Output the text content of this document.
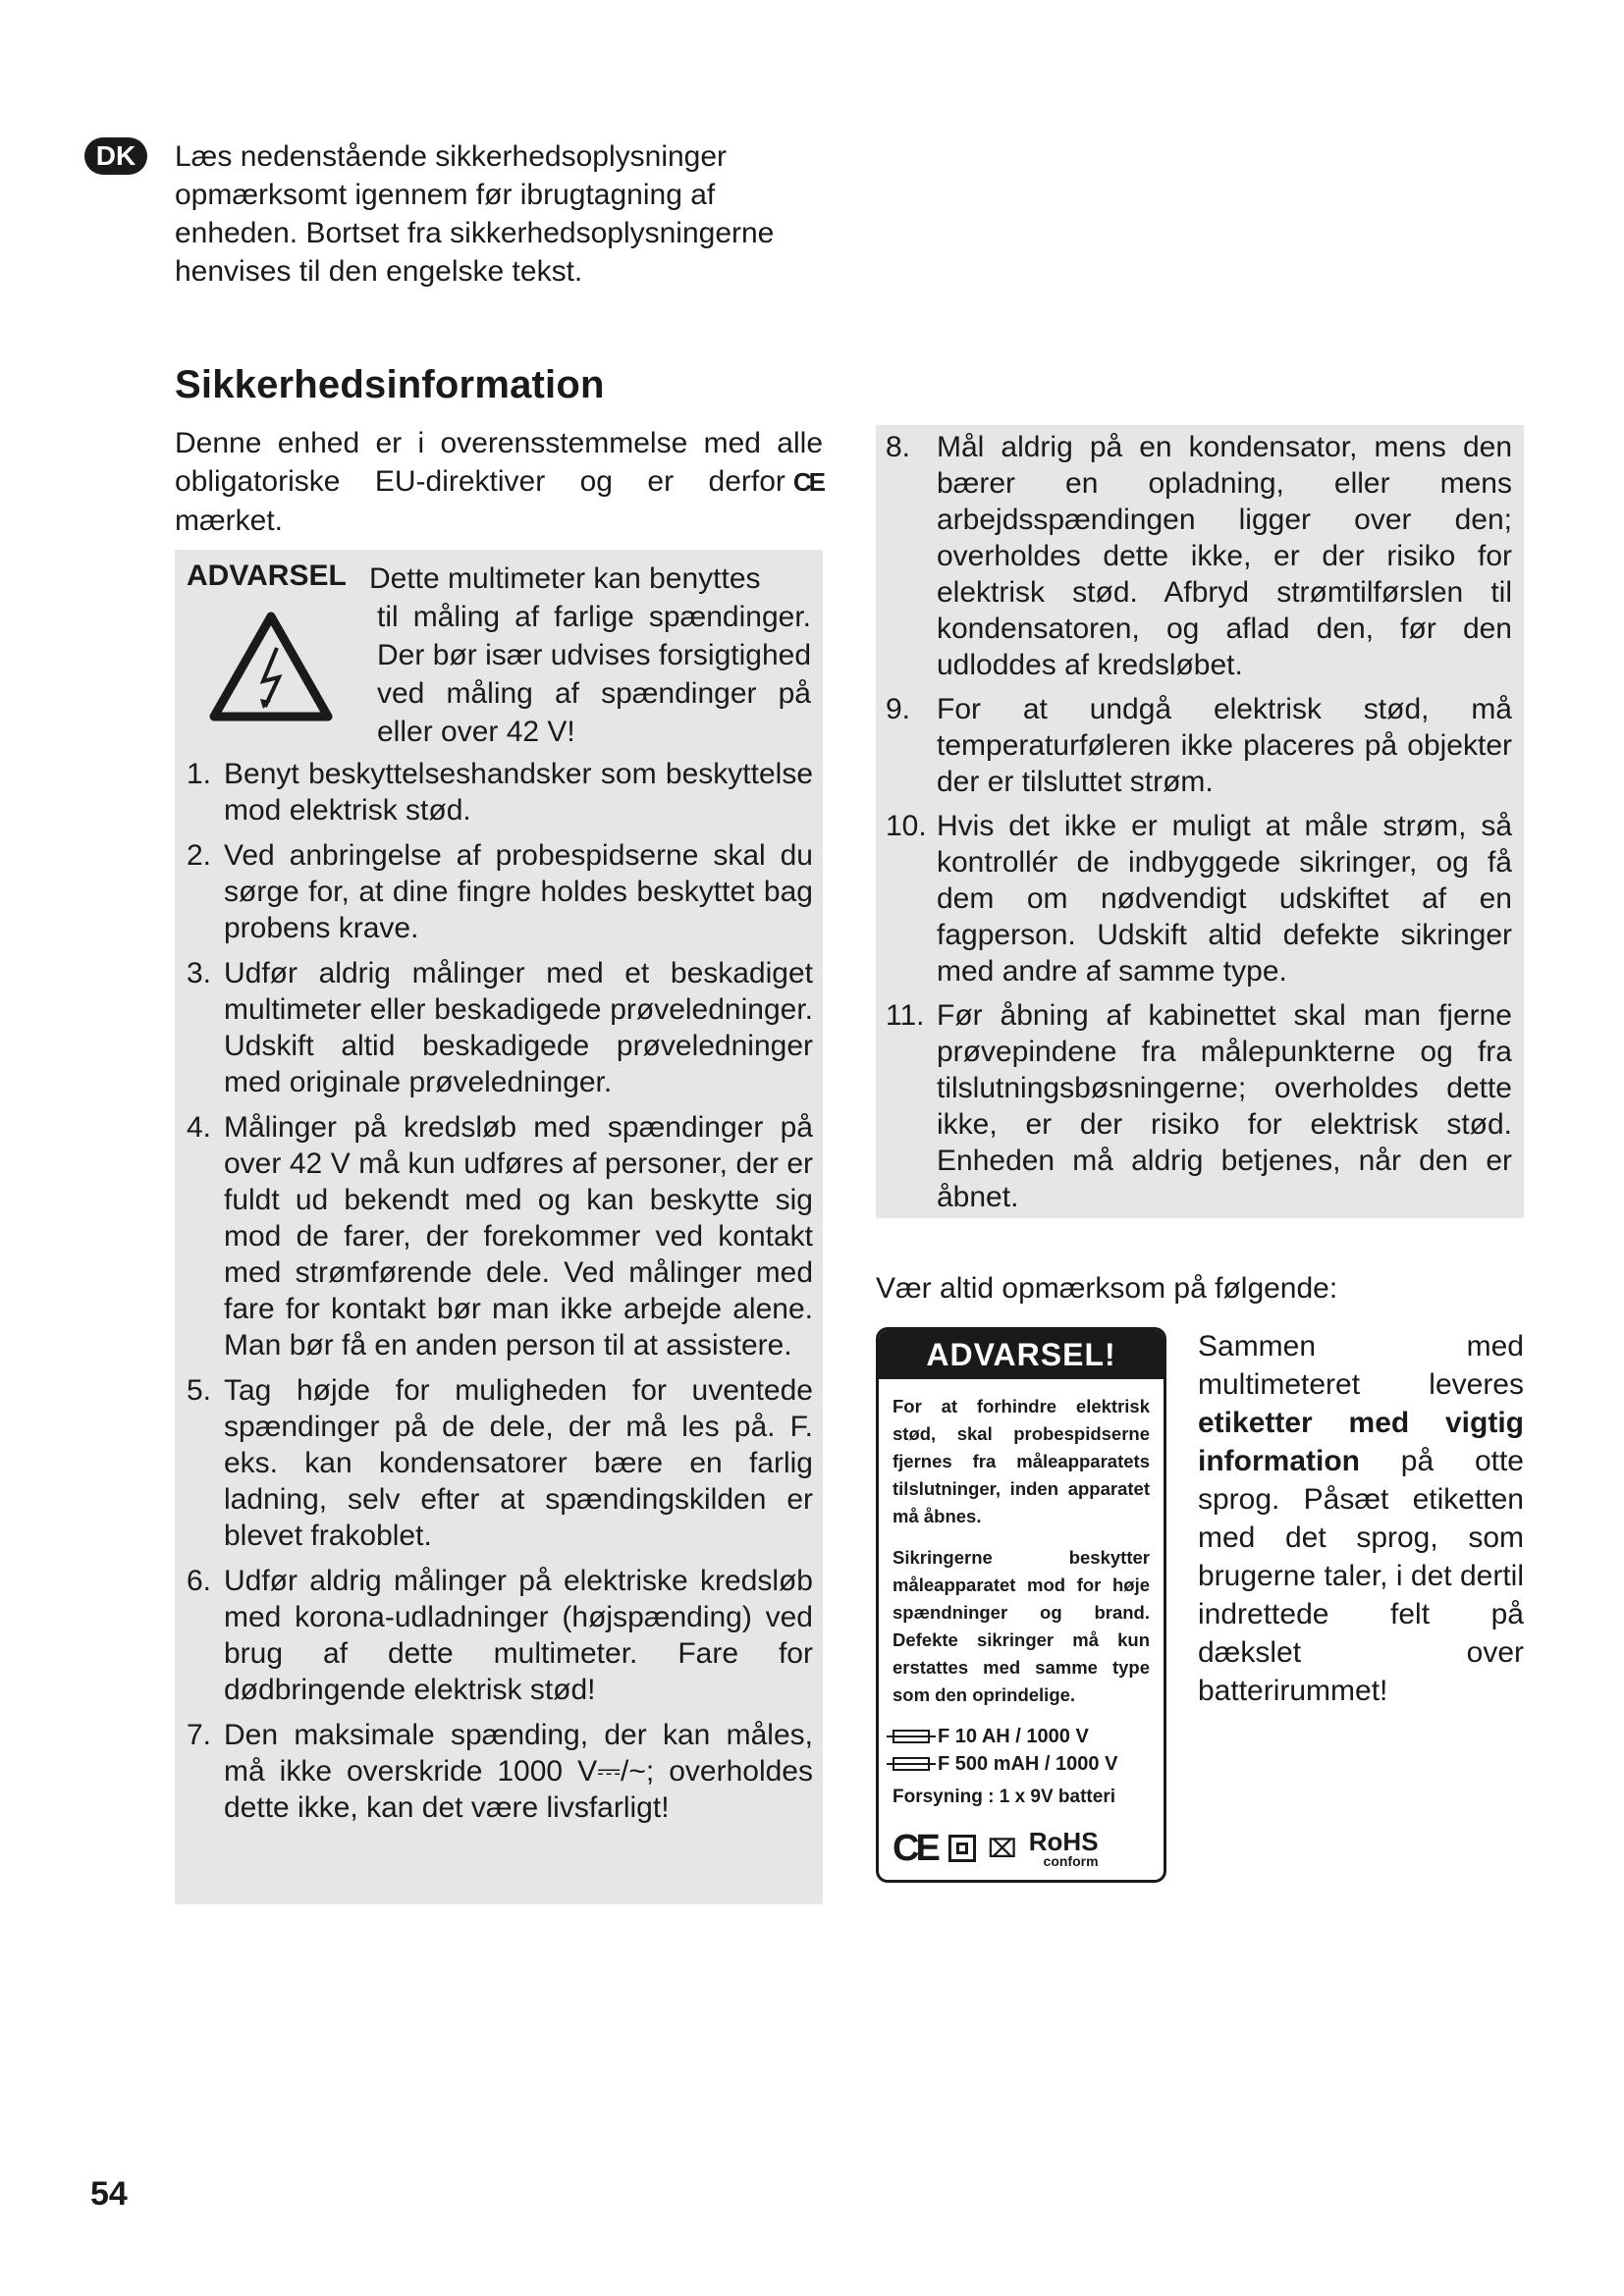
DK	Læs nedenstående sikkerhedsoplysninger opmærksomt igennem før ibrugtagning af enheden. Bortset fra sikkerhedsoplysningerne henvises til den engelske tekst.
Sikkerhedsinformation
Denne enhed er i overensstemmelse med alle obligatoriske EU-direktiver og er derfor CE mærket.
ADVARSEL Dette multimeter kan benyttes
til måling af farlige spændinger. Der bør især udvises forsigtighed ved måling af spændinger på eller over 42 V!
1. Benyt beskyttelseshandsker som beskyttelse mod elektrisk stød.
2. Ved anbringelse af probespidserne skal du sørge for, at dine fingre holdes beskyttet bag probens krave.
3. Udfør aldrig målinger med et beskadiget multimeter eller beskadigede prøveledninger. Udskift altid beskadigede prøveledninger med originale prøveledninger.
4. Målinger på kredsløb med spændinger på over 42 V må kun udføres af personer, der er fuldt ud bekendt med og kan beskytte sig mod de farer, der forekommer ved kontakt med strømførende dele. Ved målinger med fare for kontakt bør man ikke arbejde alene. Man bør få en anden person til at assistere.
5. Tag højde for muligheden for uventede spændinger på de dele, der må les på. F. eks. kan kondensatorer bære en farlig ladning, selv efter at spændingskilden er blevet frakoblet.
6. Udfør aldrig målinger på elektriske kredsløb med korona-udladninger (højspænding) ved brug af dette multimeter. Fare for dødbringende elektrisk stød!
7. Den maksimale spænding, der kan måles, må ikke overskride 1000 V⎓/~; overholdes dette ikke, kan det være livsfarligt!
8. Mål aldrig på en kondensator, mens den bærer en opladning, eller mens arbejdsspændingen ligger over den; overholdes dette ikke, er der risiko for elektrisk stød. Afbryd strømtilførslen til kondensatoren, og aflad den, før den udloddes af kredsløbet.
9. For at undgå elektrisk stød, må temperaturføleren ikke placeres på objekter der er tilsluttet strøm.
10. Hvis det ikke er muligt at måle strøm, så kontrollér de indbyggede sikringer, og få dem om nødvendigt udskiftet af en fagperson. Udskift altid defekte sikringer med andre af samme type.
11. Før åbning af kabinettet skal man fjerne prøvepindene fra målepunkterne og fra tilslutningsbøsningerne; overholdes dette ikke, er der risiko for elektrisk stød. Enheden må aldrig betjenes, når den er åbnet.
Vær altid opmærksom på følgende:
ADVARSEL!

For at forhindre elektrisk stød, skal probespidserne fjernes fra måleapparatets tilslutninger, inden apparatet må åbnes.

Sikringerne beskytter måleapparatet mod for høje spændninger og brand. Defekte sikringer må kun erstattes med samme type som den oprindelige.

F 10 AH / 1000 V
F 500 mAH / 1000 V
Forsyning : 1 x 9V batteri
CE ⌧ RoHS
conform
Sammen med multimeteret leveres etiketter med vigtig information på otte sprog. Påsæt etiketten med det sprog, som brugerne taler, i det dertil indrettede felt på dækslet over batterirummet!
54
